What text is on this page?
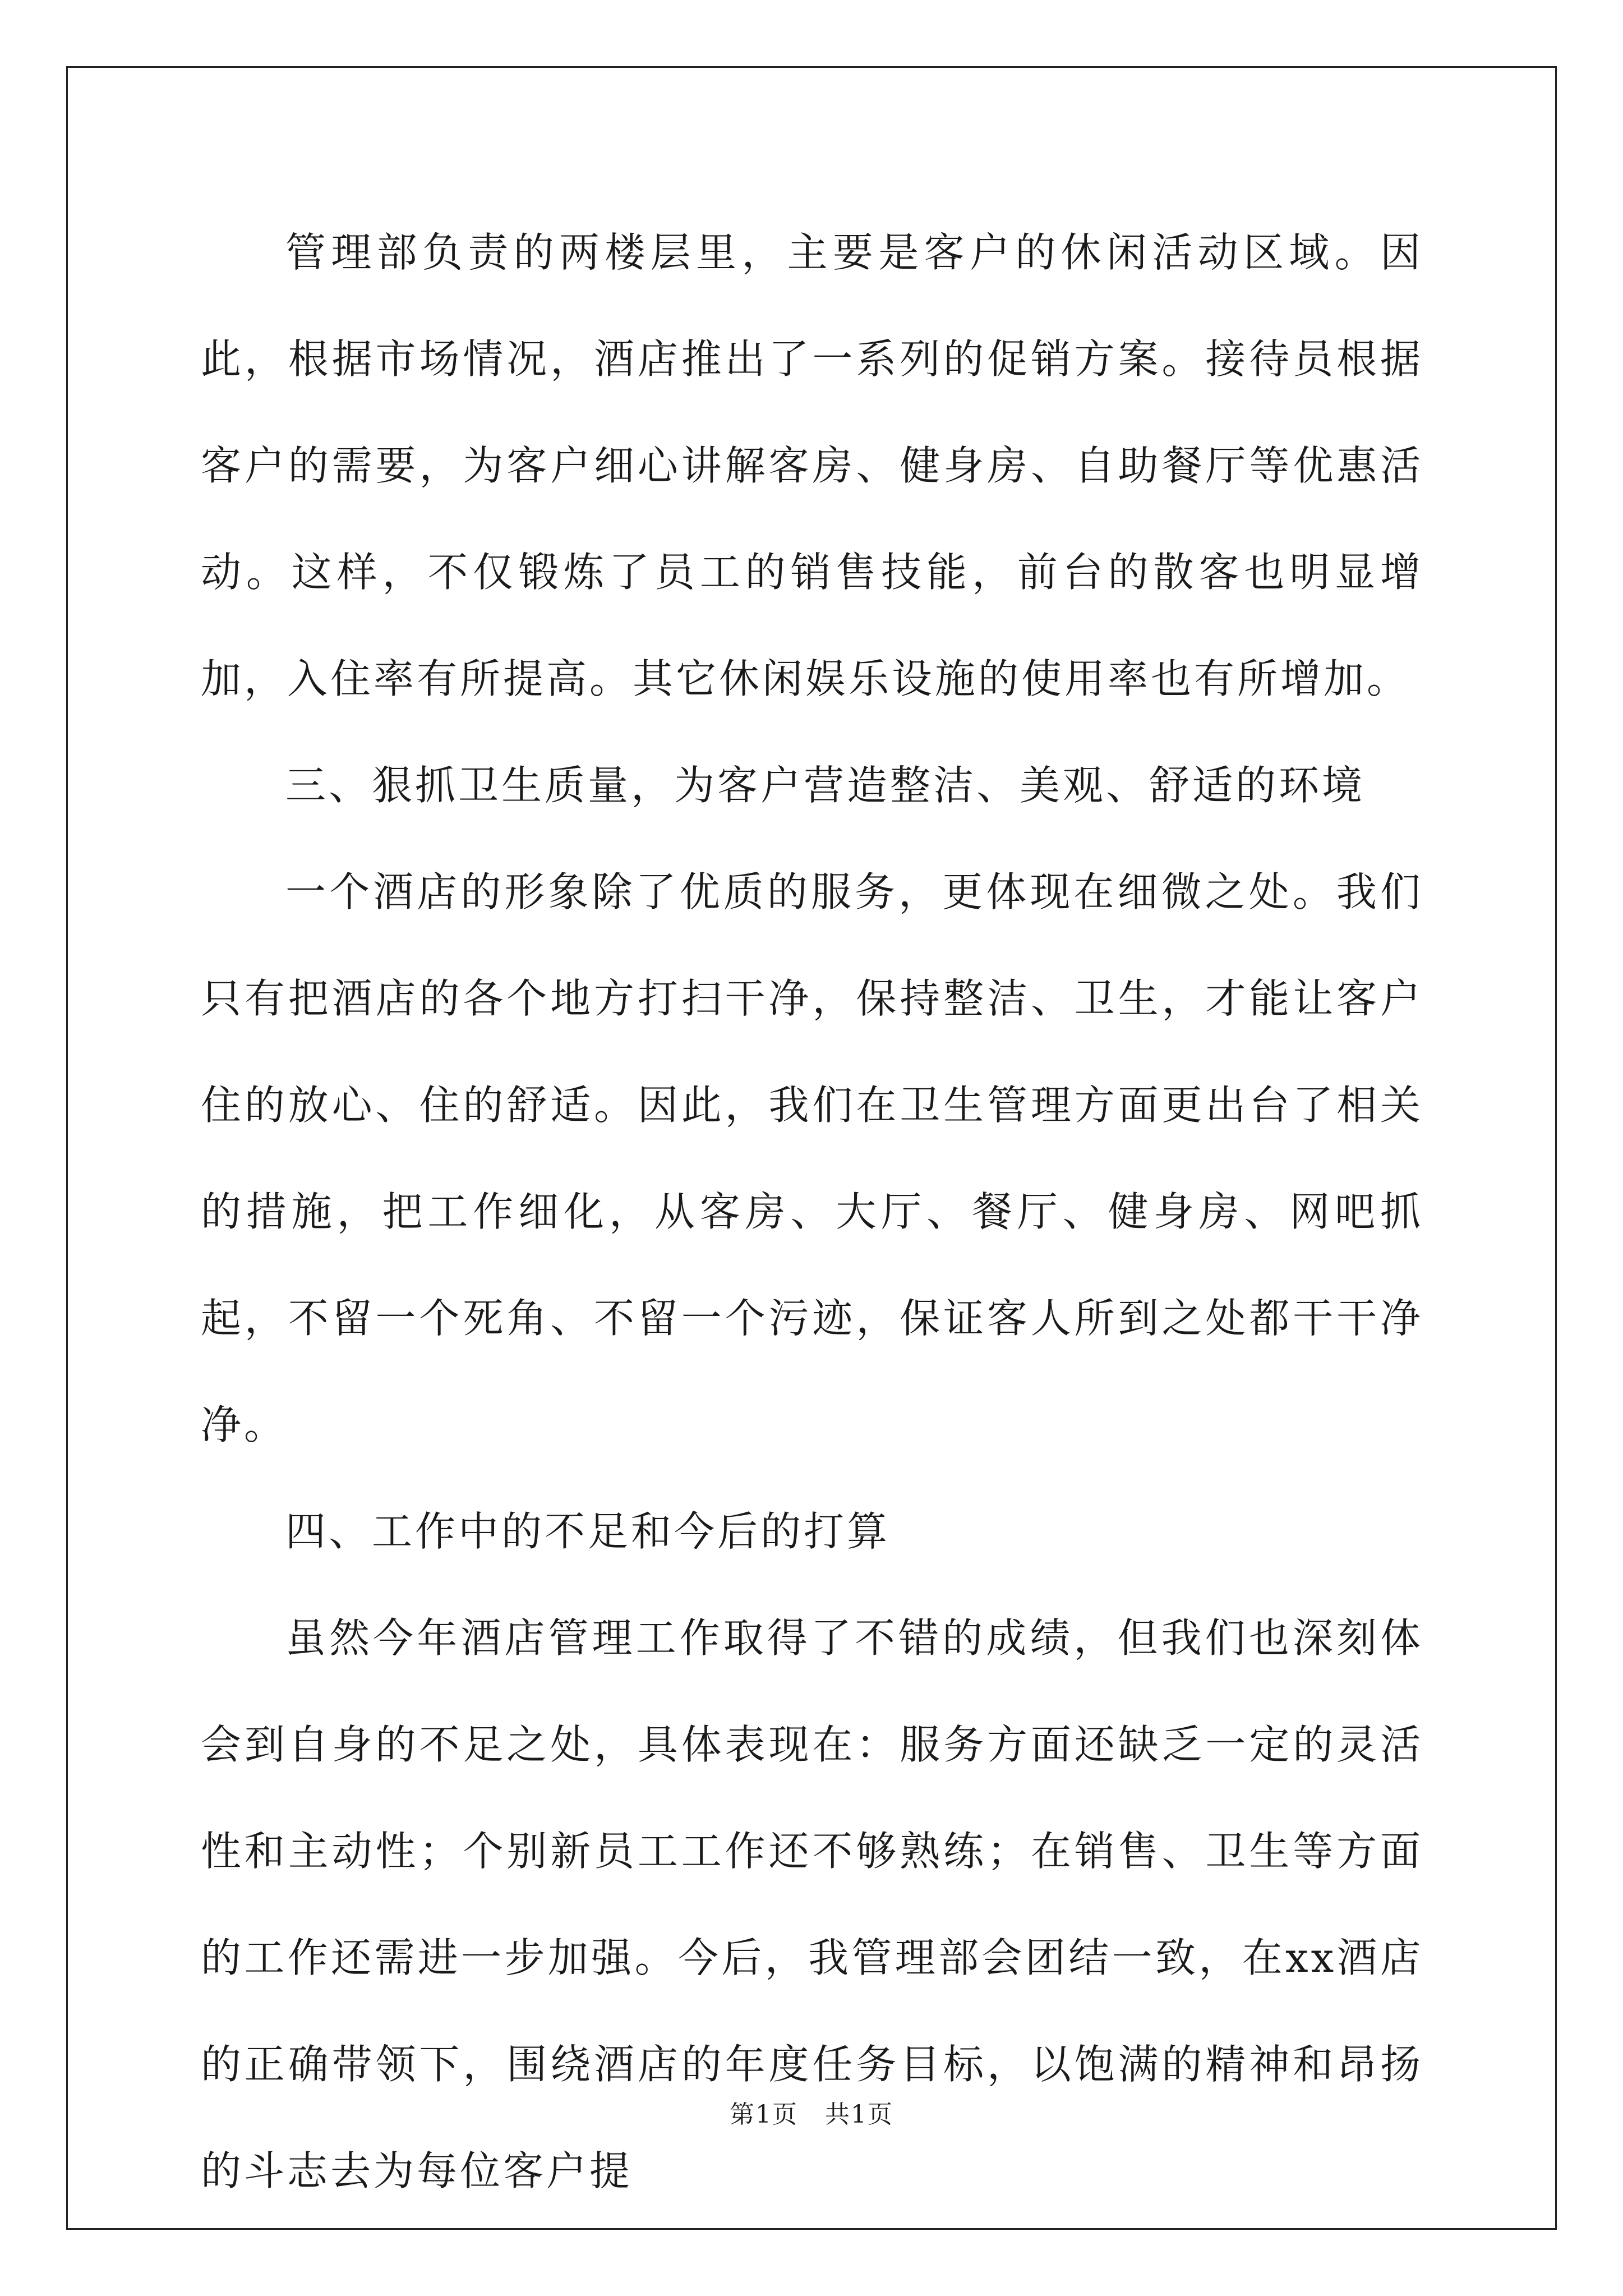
管理部负责的两楼层里，主要是客户的休闲活动区域。因此，根据市场情况，酒店推出了一系列的促销方案。接待员根据客户的需要，为客户细心讲解客房、健身房、自助餐厅等优惠活动。这样，不仅锻炼了员工的销售技能，前台的散客也明显增加，入住率有所提高。其它休闲娱乐设施的使用率也有所增加。

三、狠抓卫生质量，为客户营造整洁、美观、舒适的环境

一个酒店的形象除了优质的服务，更体现在细微之处。我们只有把酒店的各个地方打扫干净，保持整洁、卫生，才能让客户住的放心、住的舒适。因此，我们在卫生管理方面更出台了相关的措施，把工作细化，从客房、大厅、餐厅、健身房、网吧抓起，不留一个死角、不留一个污迹，保证客人所到之处都干干净净。

四、工作中的不足和今后的打算

虽然今年酒店管理工作取得了不错的成绩，但我们也深刻体会到自身的不足之处，具体表现在：服务方面还缺乏一定的灵活性和主动性；个别新员工工作还不够熟练；在销售、卫生等方面的工作还需进一步加强。今后，我管理部会团结一致，在xx酒店的正确带领下，围绕酒店的年度任务目标，以饱满的精神和昂扬的斗志去为每位客户提

第1页 共1页
